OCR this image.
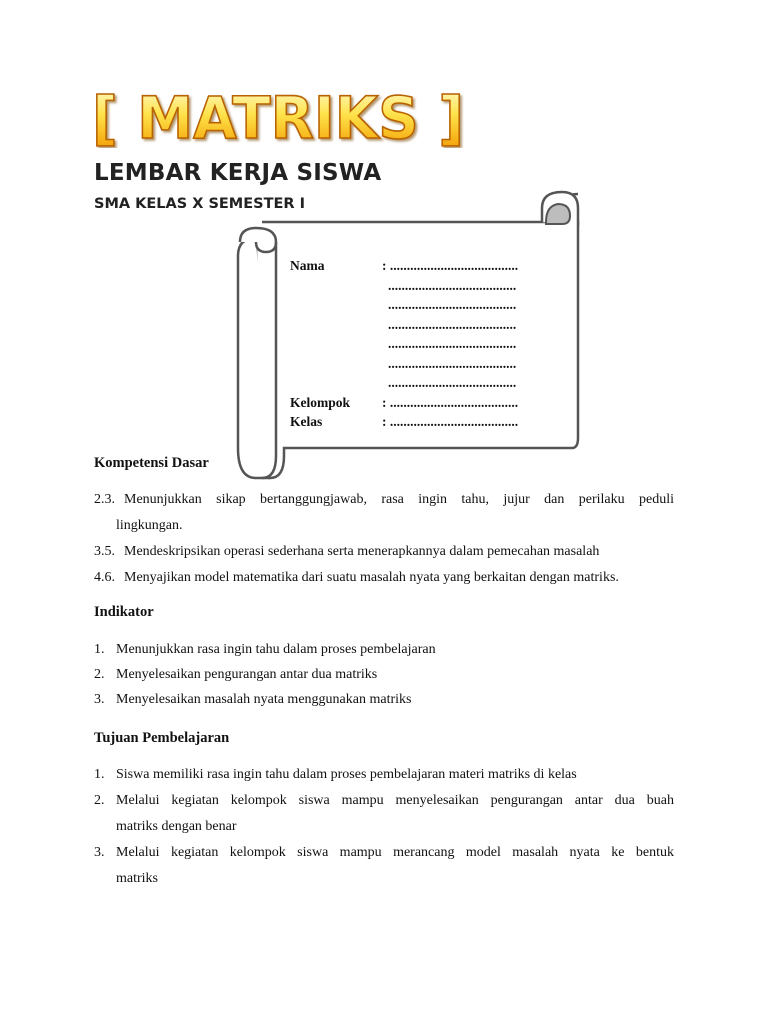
[ MATRIKS ]
LEMBAR KERJA SISWA
SMA KELAS X SEMESTER I
Nama	: ......................................
......................................
......................................
......................................
......................................
......................................
......................................
Kelompok : ......................................
Kelas	: ......................................
Kompetensi Dasar
2.3. Menunjukkan sikap bertanggungjawab, rasa ingin tahu, jujur dan perilaku peduli
lingkungan.
3.5. Mendeskripsikan operasi sederhana serta menerapkannya dalam pemecahan masalah
4.6. Menyajikan model matematika dari suatu masalah nyata yang berkaitan dengan matriks.
Indikator
1. Menunjukkan rasa ingin tahu dalam proses pembelajaran
2. Menyelesaikan pengurangan antar dua matriks
3. Menyelesaikan masalah nyata menggunakan matriks
Tujuan Pembelajaran
1. Siswa memiliki rasa ingin tahu dalam proses pembelajaran materi matriks di kelas
2. Melalui kegiatan kelompok siswa mampu menyelesaikan pengurangan antar dua buah
matriks dengan benar
3. Melalui kegiatan kelompok siswa mampu merancang model masalah nyata ke bentuk
matriks
